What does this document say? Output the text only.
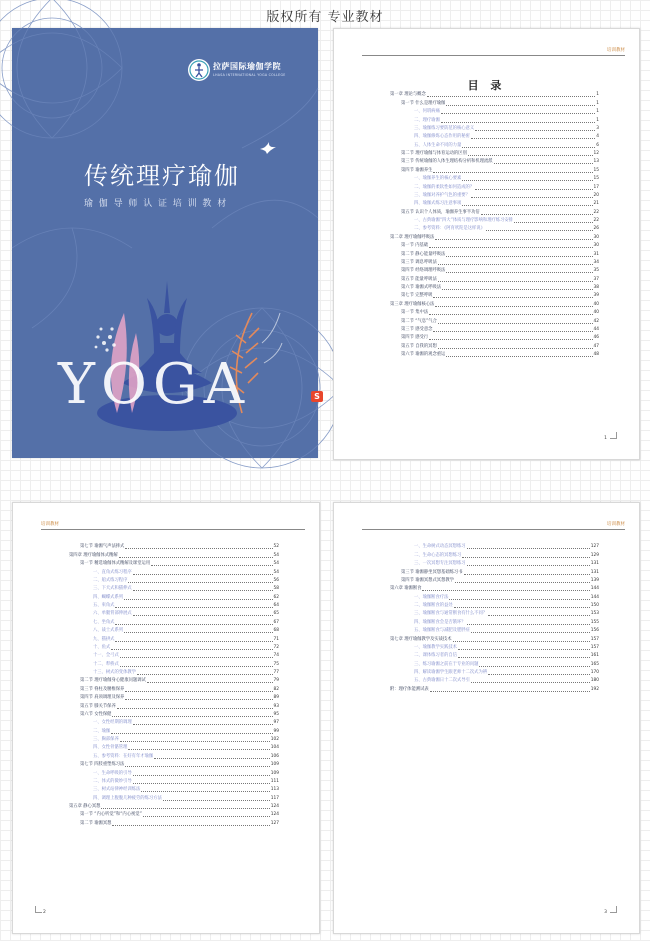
版权所有 专业教材
拉萨国际瑜伽学院
LHASA INTERNATIONAL YOGA COLLEGE
传统理疗瑜伽
瑜伽导师认证培训教材
YOGA	S
培训教材
目 录
第一章 理论与概念	1
第一节 什么是理疗瑜伽	1
一、何谓病痛	1
二、理疗瑜伽	1
三、瑜伽练习要防范的核心意义	3
四、瑜伽修炼心态作用的秘密	4
五、人体生命不同的力量	6
第二节 理疗瑜伽与体育运动的区别	12
第三节 传统瑜伽的人体生理结构分析和机理流派	13
第四节 瑜伽养生	15
一、瑜伽养生的核心要素	15
二、瑜伽的柔软性如何造成的？	17
三、瑜伽对养护气色的重要？	20
四、瑜伽式练习注意事项	21
第五节 认识个人体质，瑜伽养生事半功倍	22
一、古典瑜伽“四大”体质与理疗影响和理疗练习安排	22
二、参考资料：《阿育吠陀是这样说》	26
第二章 理疗瑜伽呼吸法	30
第一节 内基础	30
第二节 静心能量呼吸法	31
第三节 调息呼吸法	34
第四节 经络调理呼吸法	35
第五节 能量呼吸法	37
第六节 瑜伽式呼吸法	38
第七节 完整呼吸	39
第三章 理疗瑜伽核心法	40
第一节 集中法	40
第二节 “气息”气合	42
第三节 感受意念	44
第四节 感受行	46
第五节 自我的冥想	47
第六节 瑜伽的观念重运	48
1
培训教材
第七节 瑜伽气声法摔式	52
第四章 理疗瑜伽体式精解	54
第一节 精选瑜伽体式精解及课堂运用	54
一、直角式练习程序	54
二、船式练习程序	56
三、下犬式和猫伸式	58
四、蝴蝶式系列	62
五、束角式	64
六、单腿背部伸展式	65
七、坐角式	67
八、战士式系列	68
九、猫拱式	71
十、鱼式	72
十一、全弓式	74
十二、犁桥式	75
十三、树式的变体教学	77
第二节 理疗瑜伽身心健康问题调试	79
第三节 脊柱及腰椎保养	82
第四节 肩颈调理及保养	89
第五节 膝关节保养	93
第六节 女性保健	95
一、女性经期的调理	97
二、瑜伽	99
三、胸部保养	102
四、女性骨骼管理	104
五、参考资料：在好有年才瑜伽	106
第七节 四肢重塑练习法	109
一、生命呼吸的引导	109
二、体式的微妙引导	111
三、树式站律神经训练法	113
四、调理上腹腹几种疲劳的练习方法	117
第五章 静心冥想	124
第一节 “内心听觉”和“内心视觉”	124
第二节 瑜伽冥想	127
2
培训教材
一、生命树式动态冥想练习	127
二、生命心态的冥想练习	129
三、一次冥想专注冥想练习	131
第三节 瑜伽静坐冥想基础练习书	131
第四节 瑜伽冥想式冥想教学	139
第六章 瑜伽断食	144
一、瑜伽断食疗法	144
二、瑜伽断食的益处	150
三、瑜伽断食与通常断食有什么不同？	153
四、瑜伽断食会是否饿坏？	155
五、瑜伽断食与减肥及肥胖症	156
第七章 理疗瑜伽教学及实战技术	157
一、瑜伽教学实践技术	157
二、课体练习者的自信	161
三、练习瑜伽之前在于专业的问题	165
四、解读瑜伽学生跟老师十二次式为辨	170
五、古典瑜伽日十二次式导引	180
附：理疗体能测试表	192
3
